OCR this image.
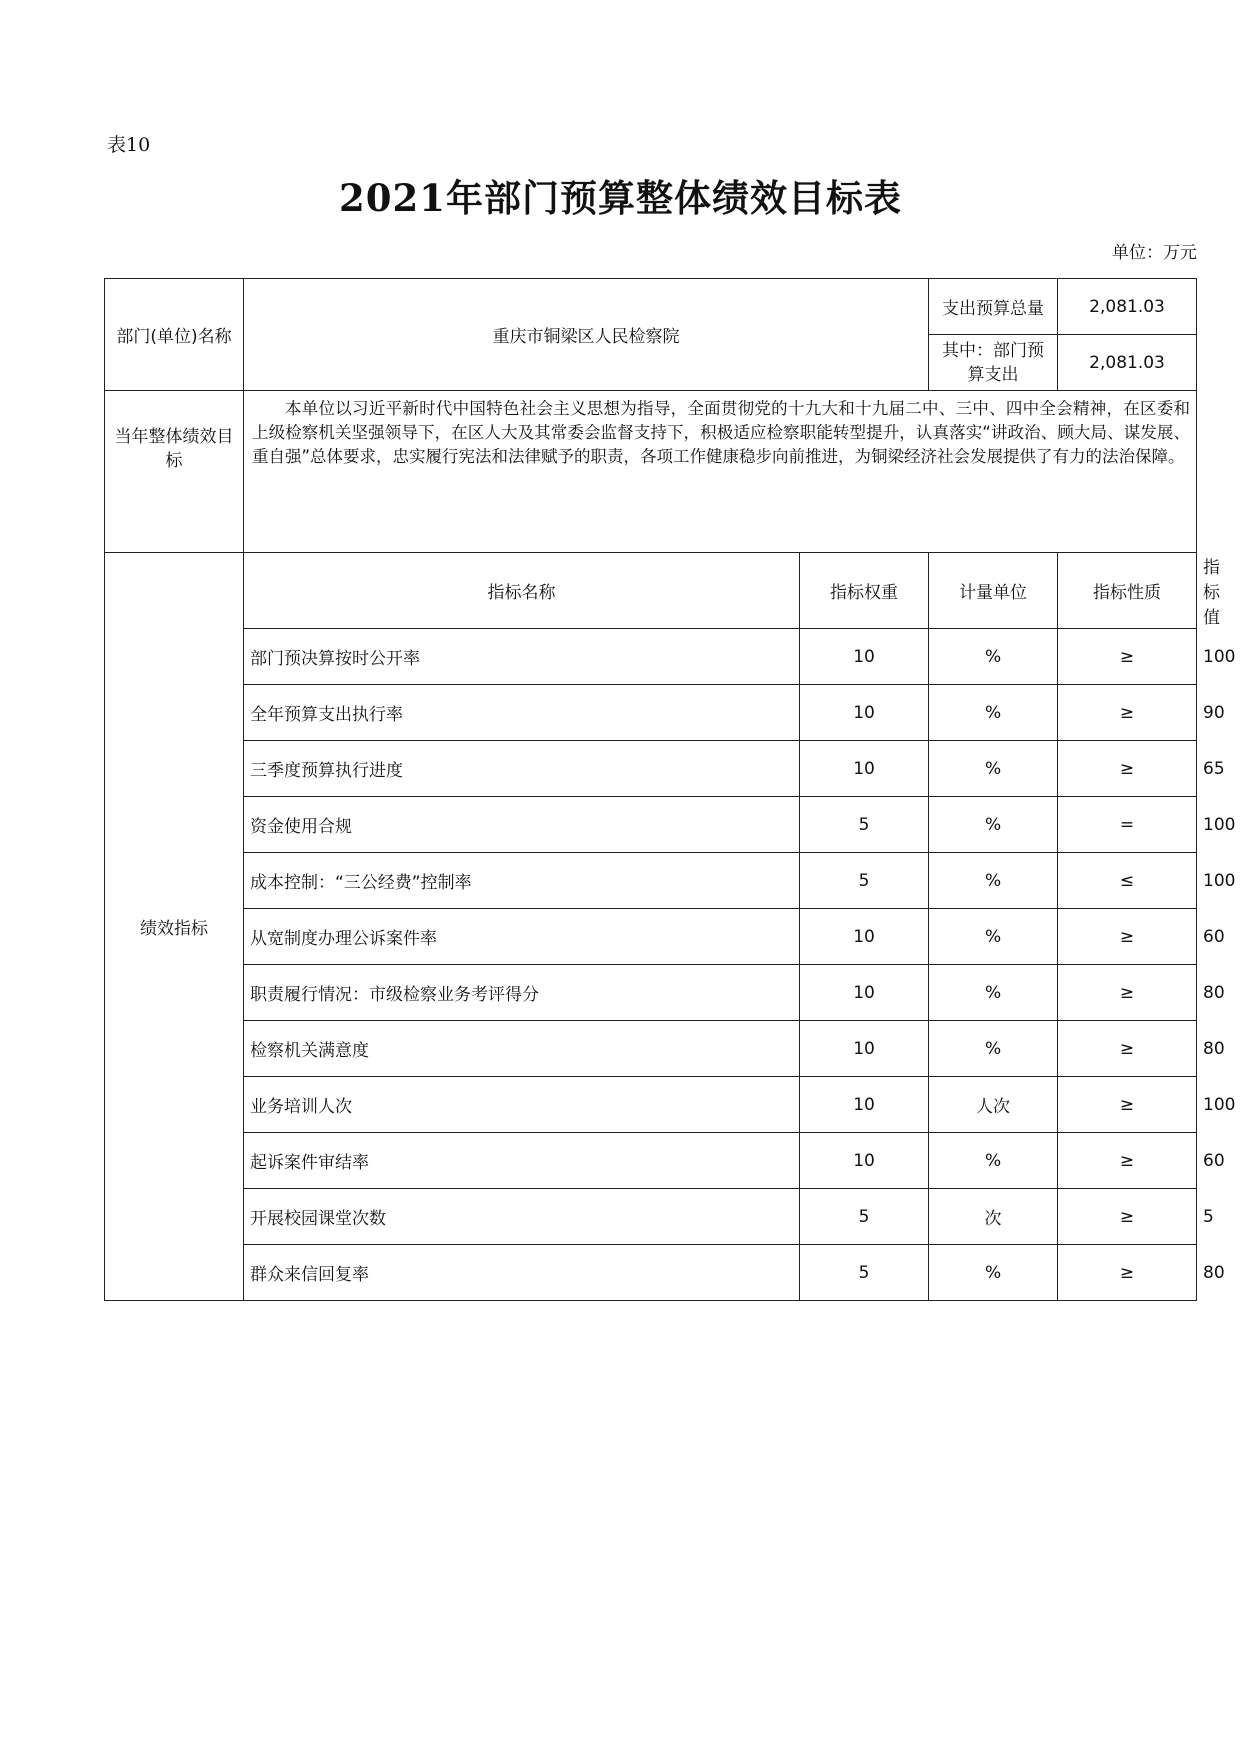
表10
2021年部门预算整体绩效目标表
单位：万元
部门(单位)名称	重庆市铜梁区人民检察院		支出预算总量	2,081.03	
			其中：部门预算支出	2,081.03	
当年整体绩效目标	本单位以习近平新时代中国特色社会主义思想为指导，全面贯彻党的十九大和十九届二中、三中、四中全会精神，在区委和上级检察机关坚强领导下，在区人大及其常委会监督支持下，积极适应检察职能转型提升，认真落实“讲政治、顾大局、谋发展、重自强”总体要求，忠实履行宪法和法律赋予的职责，各项工作健康稳步向前推进，为铜梁经济社会发展提供了有力的法治保障。				
绩效指标	指标名称	指标权重	计量单位	指标性质	指标值
	部门预决算按时公开率	10	%	≥	100
	全年预算支出执行率	10	%	≥	90
	三季度预算执行进度	10	%	≥	65
	资金使用合规	5	%	=	100
	成本控制：“三公经费”控制率	5	%	≤	100
	从宽制度办理公诉案件率	10	%	≥	60
	职责履行情况：市级检察业务考评得分	10	%	≥	80
	检察机关满意度	10	%	≥	80
	业务培训人次	10	人次	≥	100
	起诉案件审结率	10	%	≥	60
	开展校园课堂次数	5	次	≥	5
	群众来信回复率	5	%	≥	80
